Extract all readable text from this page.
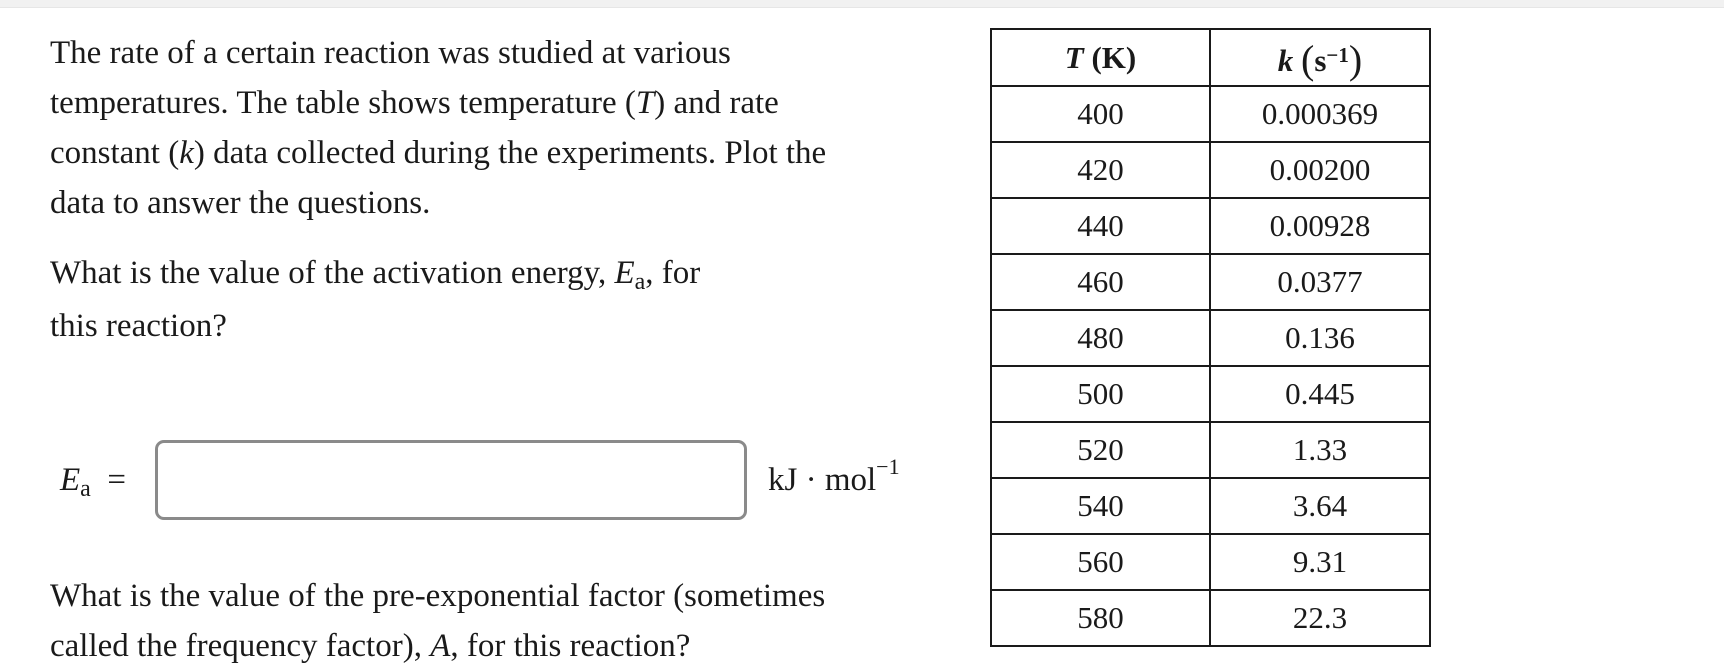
The rate of a certain reaction was studied at various
temperatures. The table shows temperature (T) and rate
constant (k) data collected during the experiments. Plot the
data to answer the questions.
What is the value of the activation energy, Ea, for
this reaction?
Ea =	kJ · mol$^{-1}$
What is the value of the pre-exponential factor (sometimes
called the frequency factor), A, for this reaction?
T (K)	k $(s^{-1})$
400	0.000369
420	0.00200
440	0.00928
460	0.0377
480	0.136
500	0.445
520	1.33
540	3.64
560	9.31
580	22.3
